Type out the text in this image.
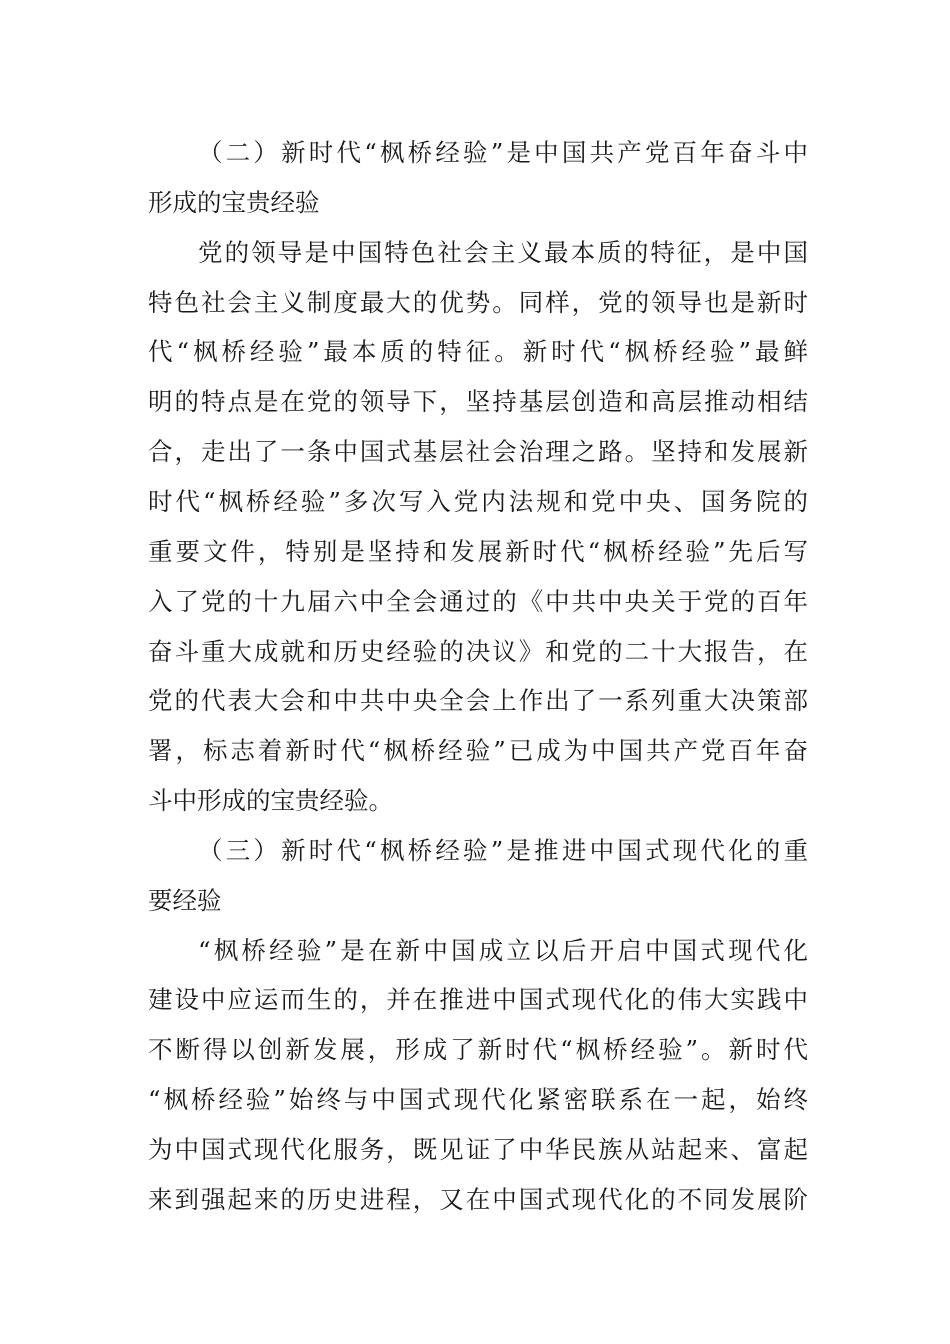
（二）新时代“枫桥经验”是中国共产党百年奋斗中
形成的宝贵经验
党的领导是中国特色社会主义最本质的特征，是中国
特色社会主义制度最大的优势。同样，党的领导也是新时
代“枫桥经验”最本质的特征。新时代“枫桥经验”最鲜
明的特点是在党的领导下，坚持基层创造和高层推动相结
合，走出了一条中国式基层社会治理之路。坚持和发展新
时代“枫桥经验”多次写入党内法规和党中央、国务院的
重要文件，特别是坚持和发展新时代“枫桥经验”先后写
入了党的十九届六中全会通过的《中共中央关于党的百年
奋斗重大成就和历史经验的决议》和党的二十大报告，在
党的代表大会和中共中央全会上作出了一系列重大决策部
署，标志着新时代“枫桥经验”已成为中国共产党百年奋
斗中形成的宝贵经验。
（三）新时代“枫桥经验”是推进中国式现代化的重
要经验
“枫桥经验”是在新中国成立以后开启中国式现代化
建设中应运而生的，并在推进中国式现代化的伟大实践中
不断得以创新发展，形成了新时代“枫桥经验”。新时代
“枫桥经验”始终与中国式现代化紧密联系在一起，始终
为中国式现代化服务，既见证了中华民族从站起来、富起
来到强起来的历史进程，又在中国式现代化的不同发展阶
